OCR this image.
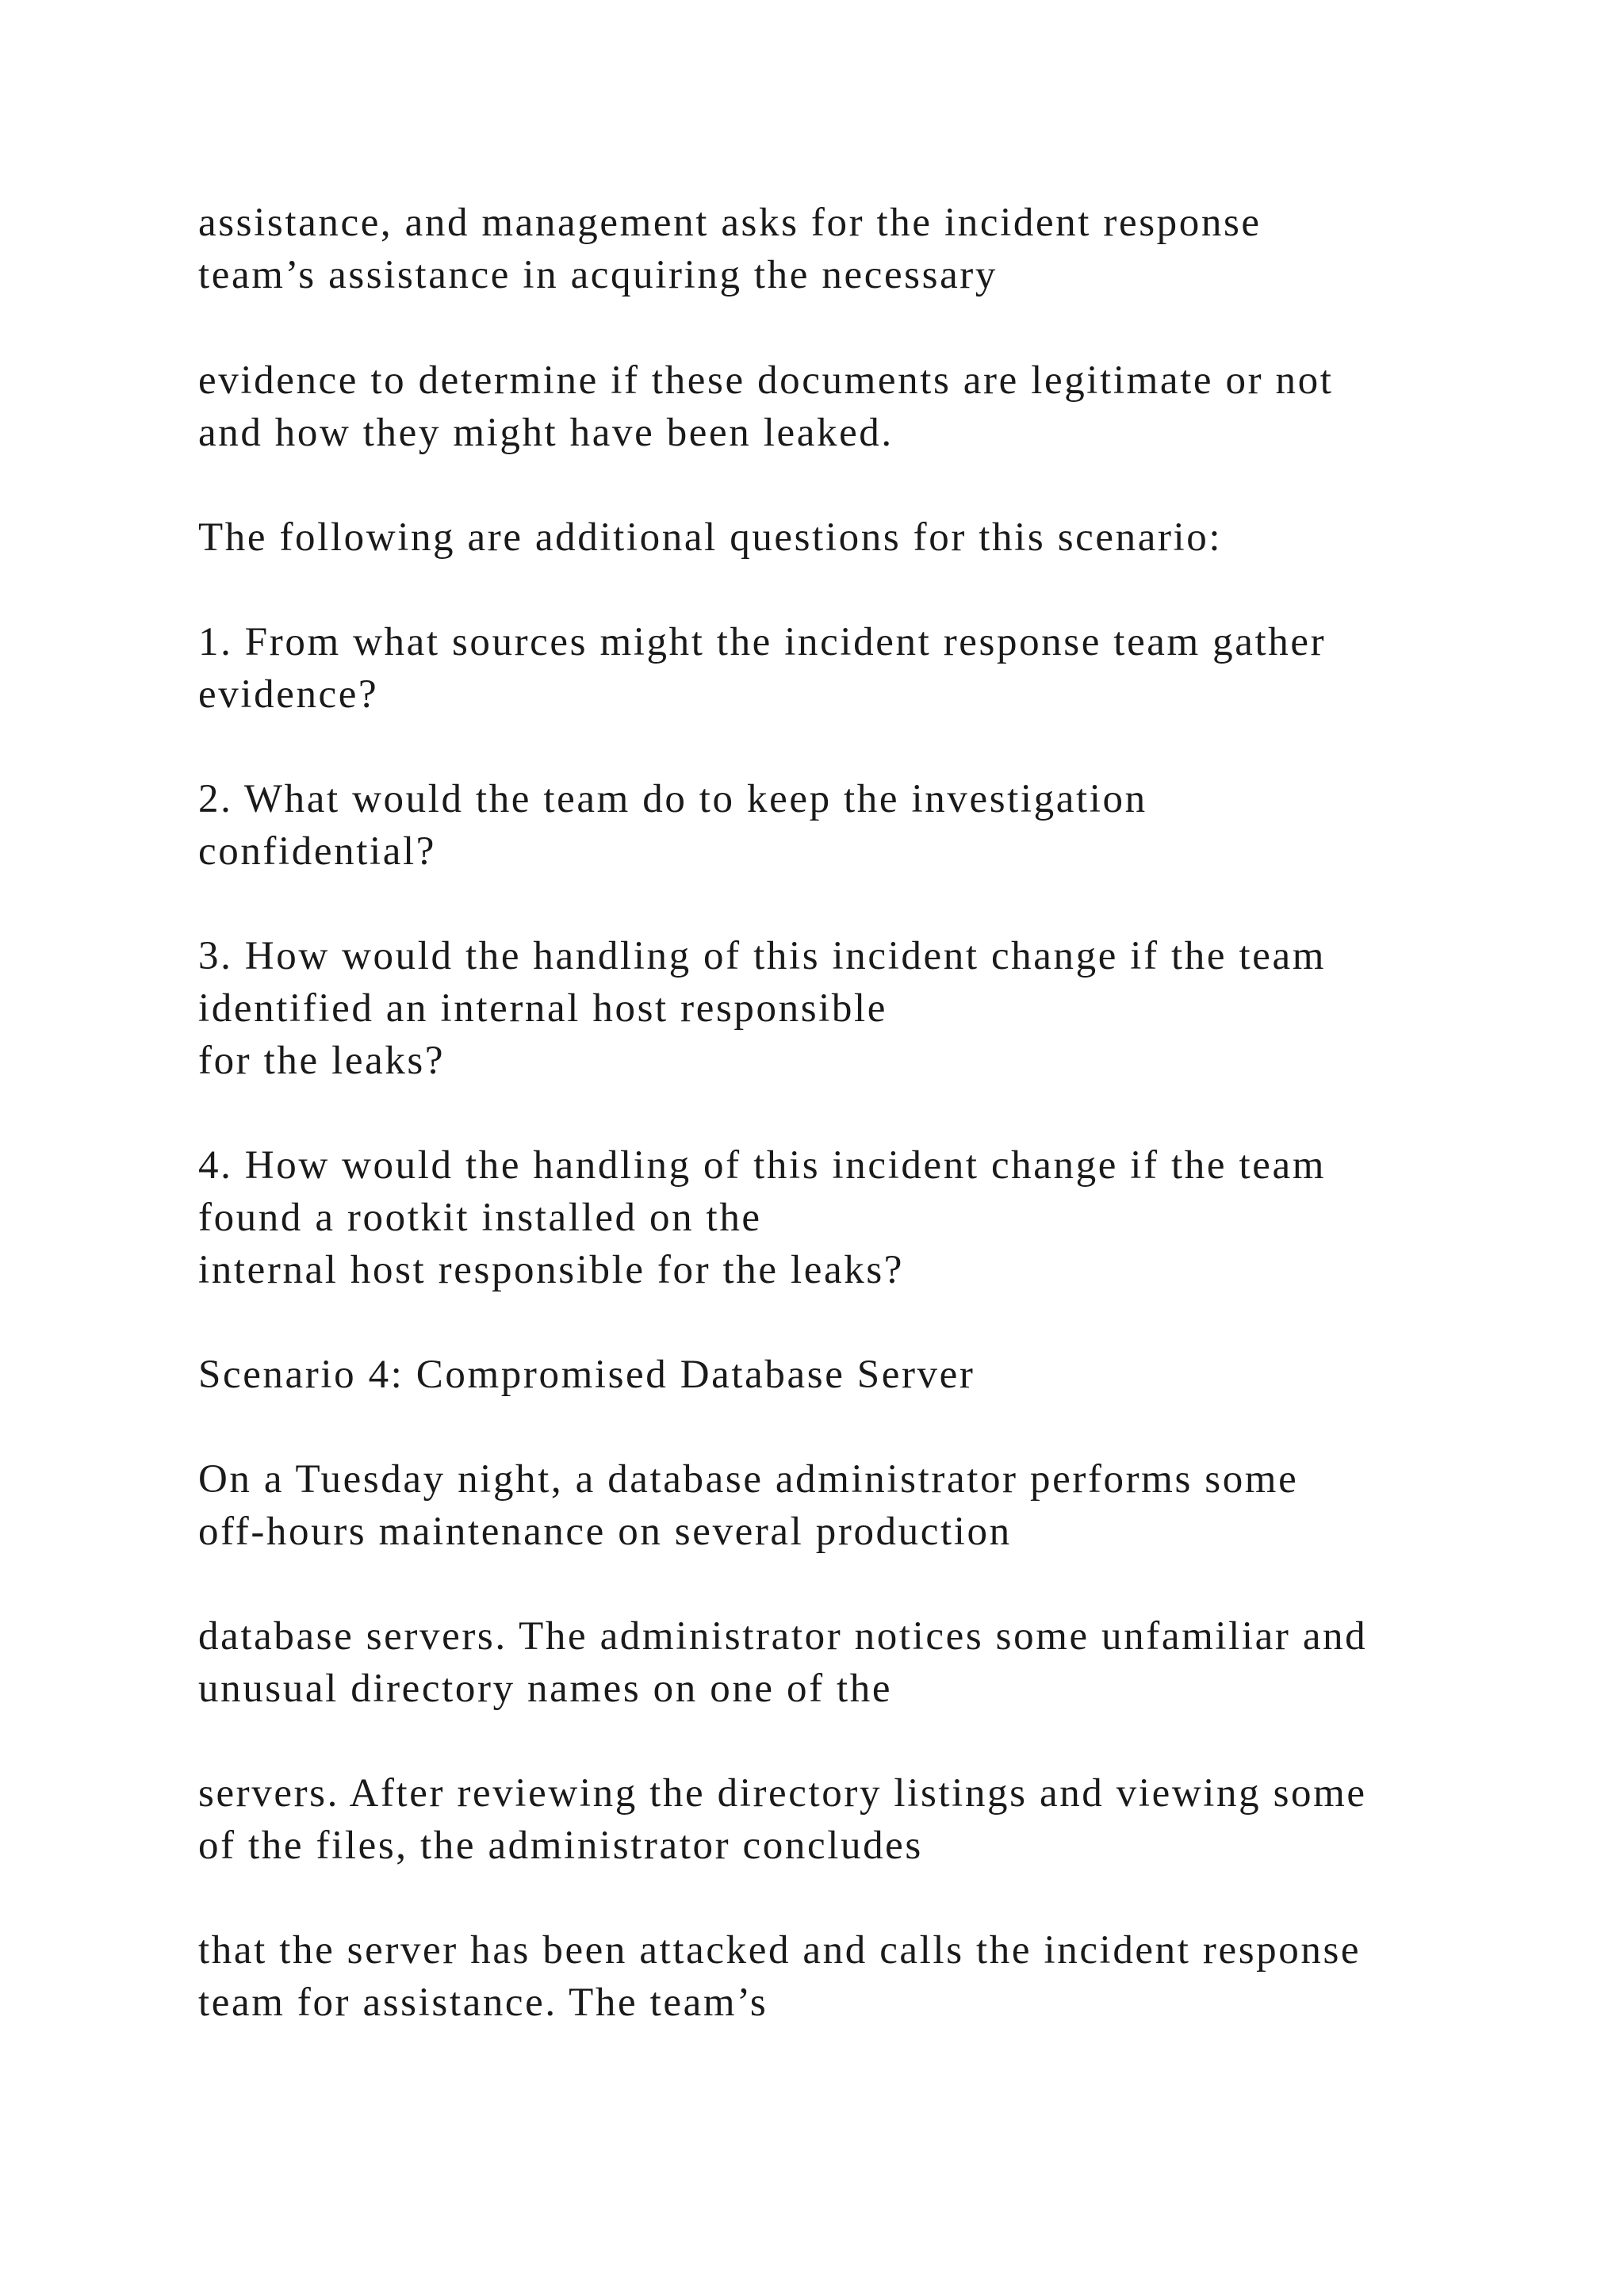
assistance, and management asks for the incident response
team’s assistance in acquiring the necessary
evidence to determine if these documents are legitimate or not
and how they might have been leaked.
The following are additional questions for this scenario:
1. From what sources might the incident response team gather
evidence?
2. What would the team do to keep the investigation
confidential?
3. How would the handling of this incident change if the team
identified an internal host responsible
for the leaks?
4. How would the handling of this incident change if the team
found a rootkit installed on the
internal host responsible for the leaks?
Scenario 4: Compromised Database Server
On a Tuesday night, a database administrator performs some
off-hours maintenance on several production
database servers. The administrator notices some unfamiliar and
unusual directory names on one of the
servers. After reviewing the directory listings and viewing some
of the files, the administrator concludes
that the server has been attacked and calls the incident response
team for assistance. The team’s
